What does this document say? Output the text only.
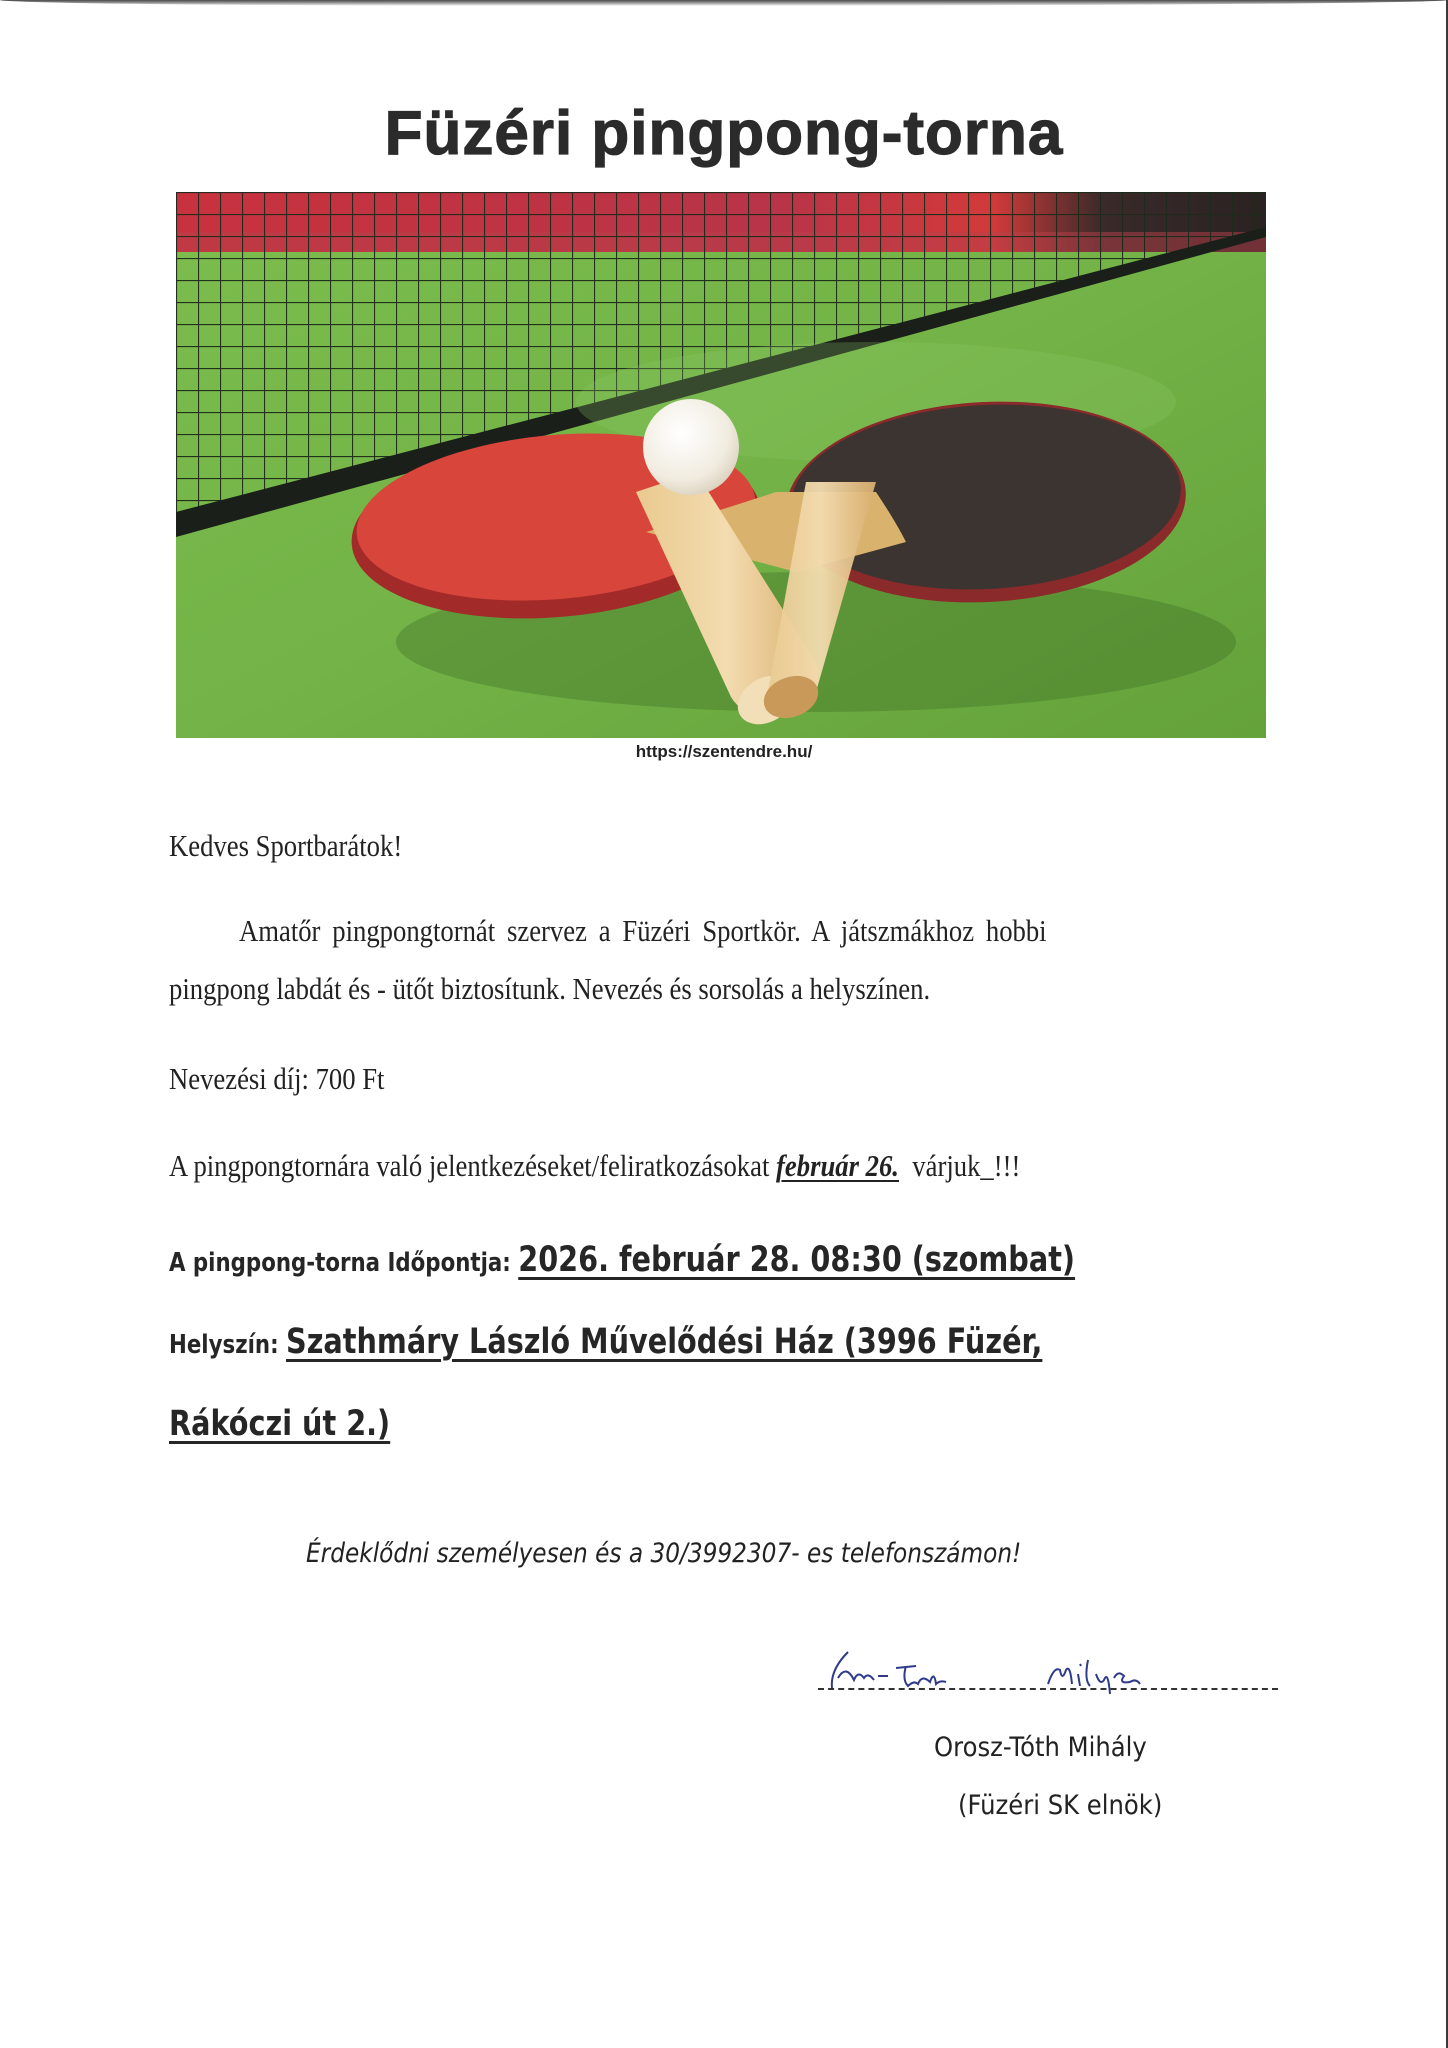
Füzéri pingpong-torna
https://szentendre.hu/
Kedves Sportbarátok!
Amatőr pingpongtornát szervez a Füzéri Sportkör. A játszmákhoz hobbi
pingpong labdát és - ütőt biztosítunk. Nevezés és sorsolás a helyszínen.
Nevezési díj: 700 Ft
A pingpongtornára való jelentkezéseket/feliratkozásokat február 26.  várjuk_!!!
A pingpong-torna Időpontja: 2026. február 28. 08:30 (szombat)
Helyszín: Szathmáry László Művelődési Ház (3996 Füzér,
Rákóczi út 2.)
Érdeklődni személyesen és a 30/3992307- es telefonszámon!
Orosz-Tóth Mihály
(Füzéri SK elnök)
